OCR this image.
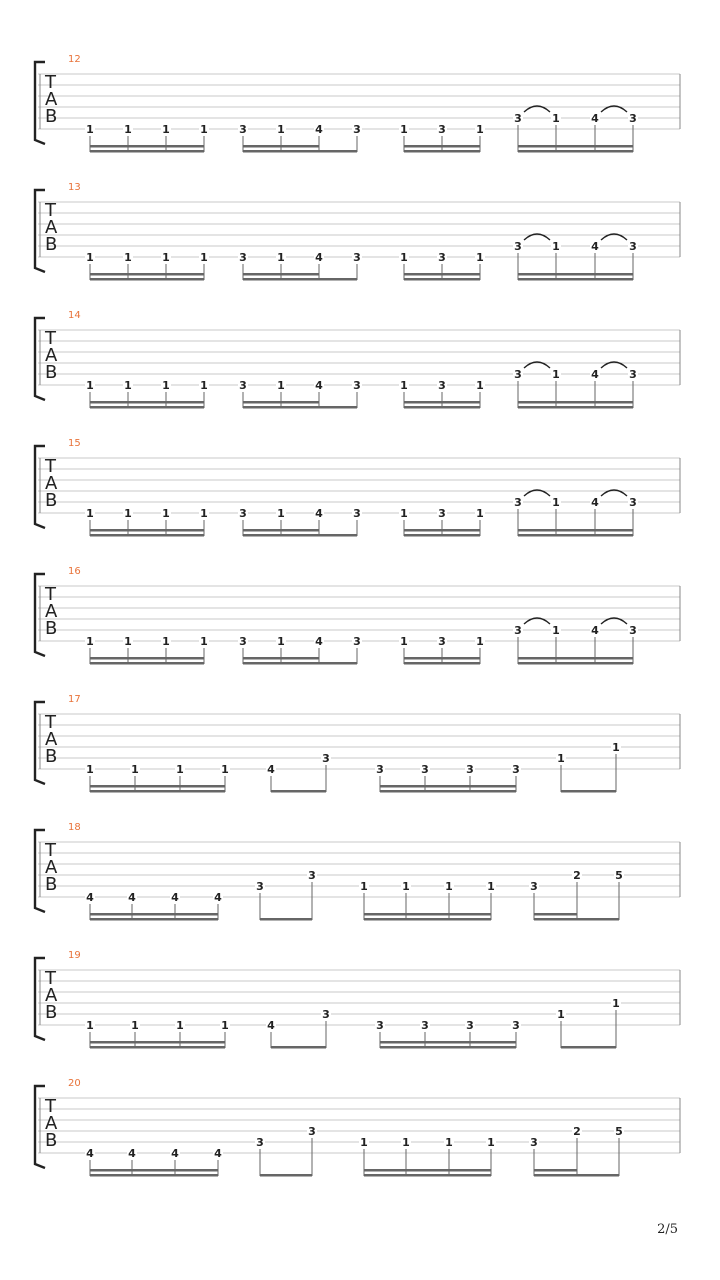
12
T
A
B
1	1	1	1	3	1	4	3	1	3	1
3	1	4	3
13
T
A
B
1	1	1	1	3	1	4	3	1	3	1
3	1	4	3
14
T
A
B
1	1	1	1	3	1	4	3	1	3	1
3	1	4	3
15
T
A
B
1	1	1	1	3	1	4	3	1	3	1
3	1	4	3
16
T
A
B
1	1	1	1	3	1	4	3	1	3	1
3	1	4	3
17
T
A
B
1	1	1	1	4
3
3	3	3	3
1
1
18
T
A
B
4	4	4	4
3
3
1	1	1	1	3
2	5
19
T
A
B
1	1	1	1	4
3
3	3	3	3
1
1
20
T
A
B
4	4	4	4
3
3
1	1	1	1	3
2	5
2/5
